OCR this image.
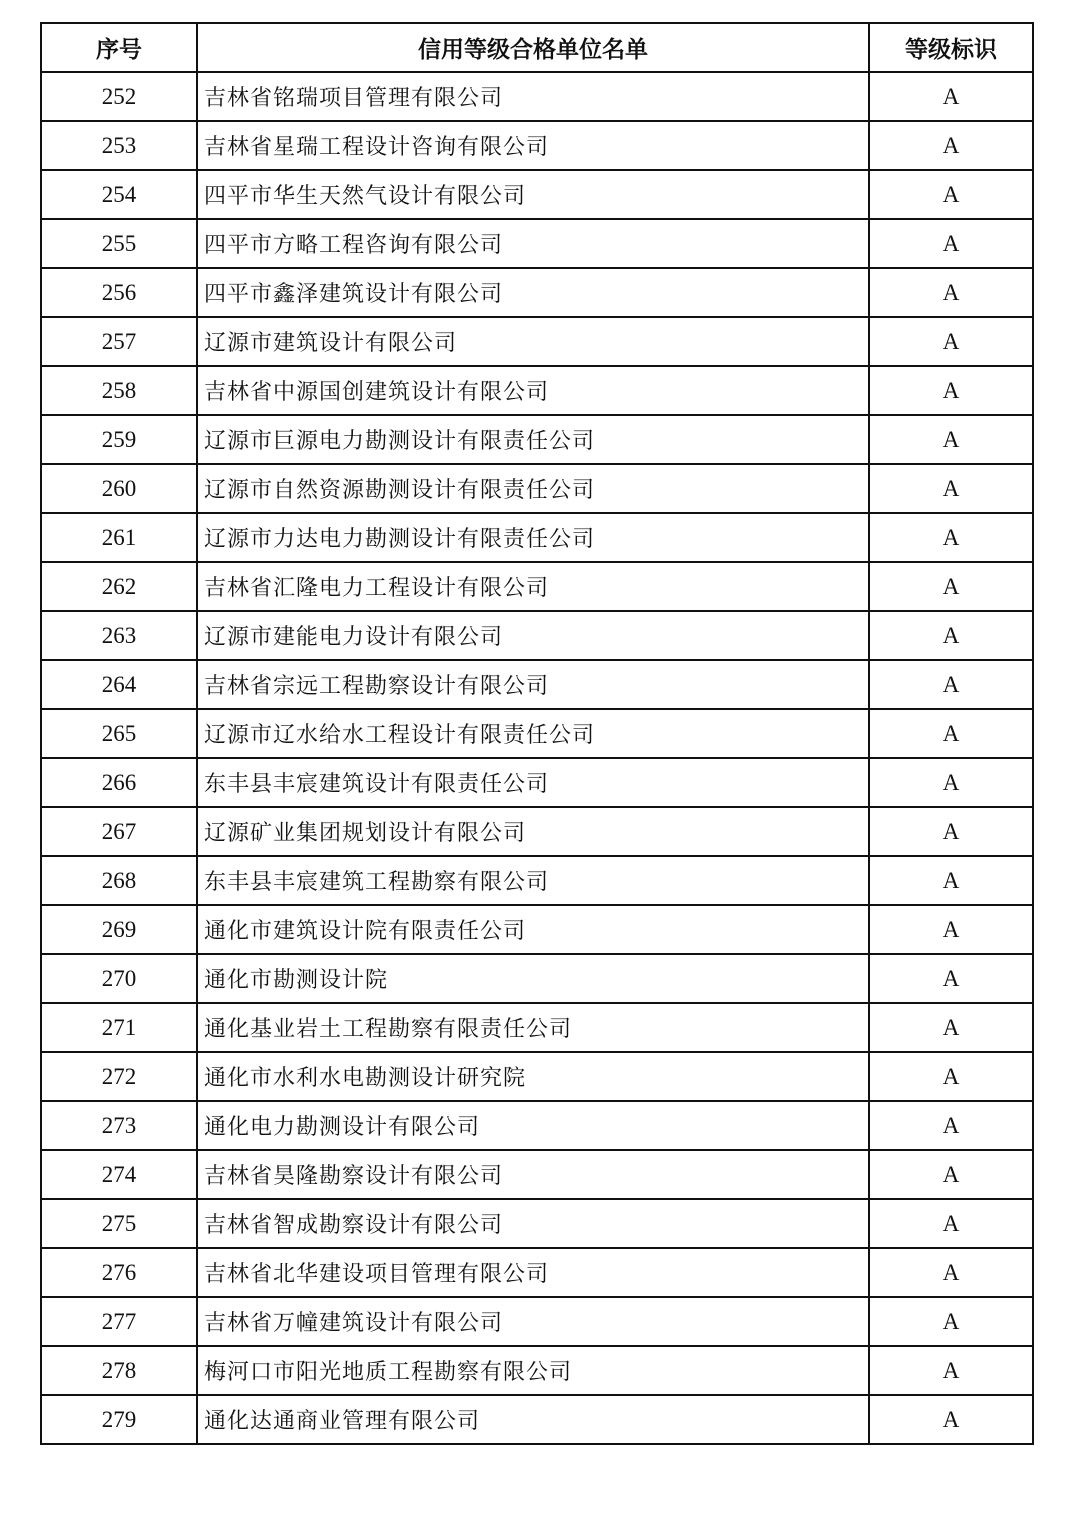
序号	信用等级合格单位名单	等级标识
252	吉林省铭瑞项目管理有限公司	A
253	吉林省星瑞工程设计咨询有限公司	A
254	四平市华生天然气设计有限公司	A
255	四平市方略工程咨询有限公司	A
256	四平市鑫泽建筑设计有限公司	A
257	辽源市建筑设计有限公司	A
258	吉林省中源国创建筑设计有限公司	A
259	辽源市巨源电力勘测设计有限责任公司	A
260	辽源市自然资源勘测设计有限责任公司	A
261	辽源市力达电力勘测设计有限责任公司	A
262	吉林省汇隆电力工程设计有限公司	A
263	辽源市建能电力设计有限公司	A
264	吉林省宗远工程勘察设计有限公司	A
265	辽源市辽水给水工程设计有限责任公司	A
266	东丰县丰宸建筑设计有限责任公司	A
267	辽源矿业集团规划设计有限公司	A
268	东丰县丰宸建筑工程勘察有限公司	A
269	通化市建筑设计院有限责任公司	A
270	通化市勘测设计院	A
271	通化基业岩土工程勘察有限责任公司	A
272	通化市水利水电勘测设计研究院	A
273	通化电力勘测设计有限公司	A
274	吉林省昊隆勘察设计有限公司	A
275	吉林省智成勘察设计有限公司	A
276	吉林省北华建设项目管理有限公司	A
277	吉林省万幢建筑设计有限公司	A
278	梅河口市阳光地质工程勘察有限公司	A
279	通化达通商业管理有限公司	A
